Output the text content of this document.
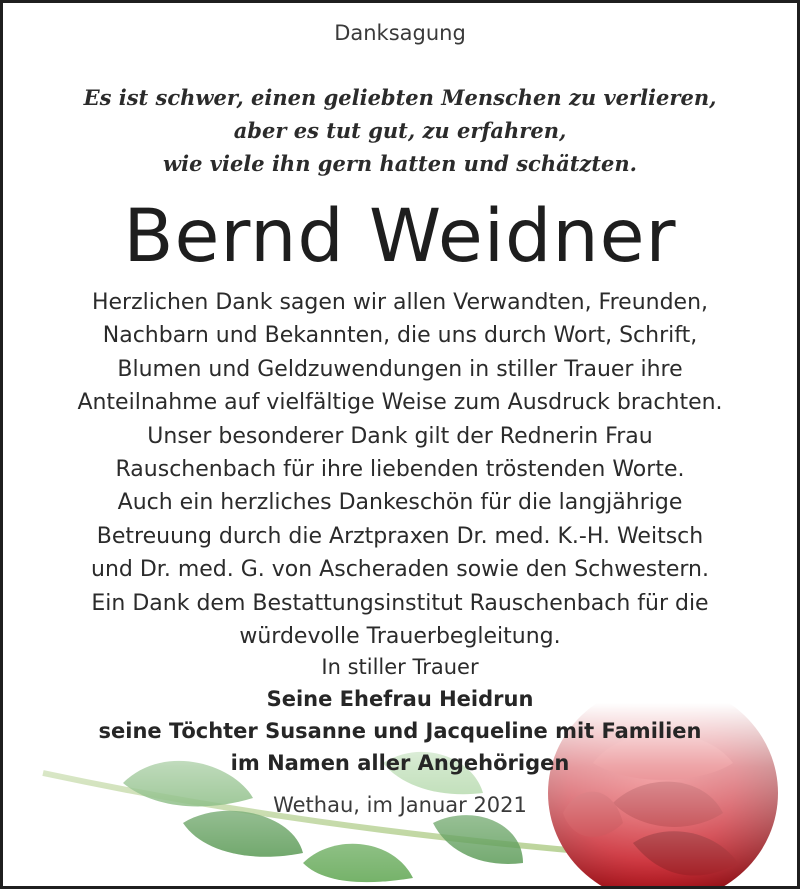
Danksagung
Es ist schwer, einen geliebten Menschen zu verlieren,
aber es tut gut, zu erfahren,
wie viele ihn gern hatten und schätzten.
Bernd Weidner
Herzlichen Dank sagen wir allen Verwandten, Freunden,
Nachbarn und Bekannten, die uns durch Wort, Schrift,
Blumen und Geldzuwendungen in stiller Trauer ihre
Anteilnahme auf vielfältige Weise zum Ausdruck brachten.
Unser besonderer Dank gilt der Rednerin Frau
Rauschenbach für ihre liebenden tröstenden Worte.
Auch ein herzliches Dankeschön für die langjährige
Betreuung durch die Arztpraxen Dr. med. K.-H. Weitsch
und Dr. med. G. von Ascheraden sowie den Schwestern.
Ein Dank dem Bestattungsinstitut Rauschenbach für die
würdevolle Trauerbegleitung.
In stiller Trauer
Seine Ehefrau Heidrun
seine Töchter Susanne und Jacqueline mit Familien
im Namen aller Angehörigen
Wethau, im Januar 2021
